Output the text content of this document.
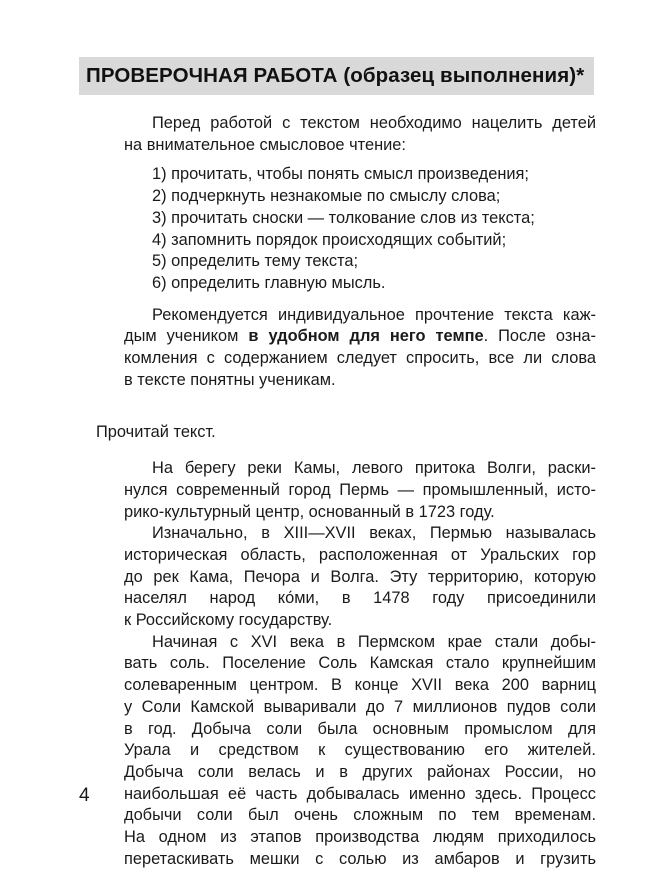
ПРОВЕРОЧНАЯ РАБОТА (образец выполнения)*

Перед работой с текстом необходимо нацелить детей
на внимательное смысловое чтение:

1) прочитать, чтобы понять смысл произведения;
2) подчеркнуть незнакомые по смыслу слова;
3) прочитать сноски — толкование слов из текста;
4) запомнить порядок происходящих событий;
5) определить тему текста;
6) определить главную мысль.

Рекомендуется индивидуальное прочтение текста каж-
дым учеником в удобном для него темпе. После озна-
комления с содержанием следует спросить, все ли слова
в тексте понятны ученикам.

Прочитай текст.

На берегу реки Камы, левого притока Волги, раски-
нулся современный город Пермь — промышленный, исто-
рико-культурный центр, основанный в 1723 году.

Изначально, в XIII—XVII веках, Пермью называлась
историческая область, расположенная от Уральских гор
до рек Кама, Печора и Волга. Эту территорию, которую
населял народ ко́ми, в 1478 году присоединили
к Российскому государству.

Начиная с XVI века в Пермском крае стали добы-
вать соль. Поселение Соль Камская стало крупнейшим
солеваренным центром. В конце XVII века 200 варниц
у Соли Камской вываривали до 7 миллионов пудов соли
в год. Добыча соли была основным промыслом для
Урала и средством к существованию его жителей.
Добыча соли велась и в других районах России, но
наибольшая её часть добывалась именно здесь. Процесс
добычи соли был очень сложным по тем временам.
На одном из этапов производства людям приходилось
перетаскивать мешки с солью из амбаров и грузить

4
